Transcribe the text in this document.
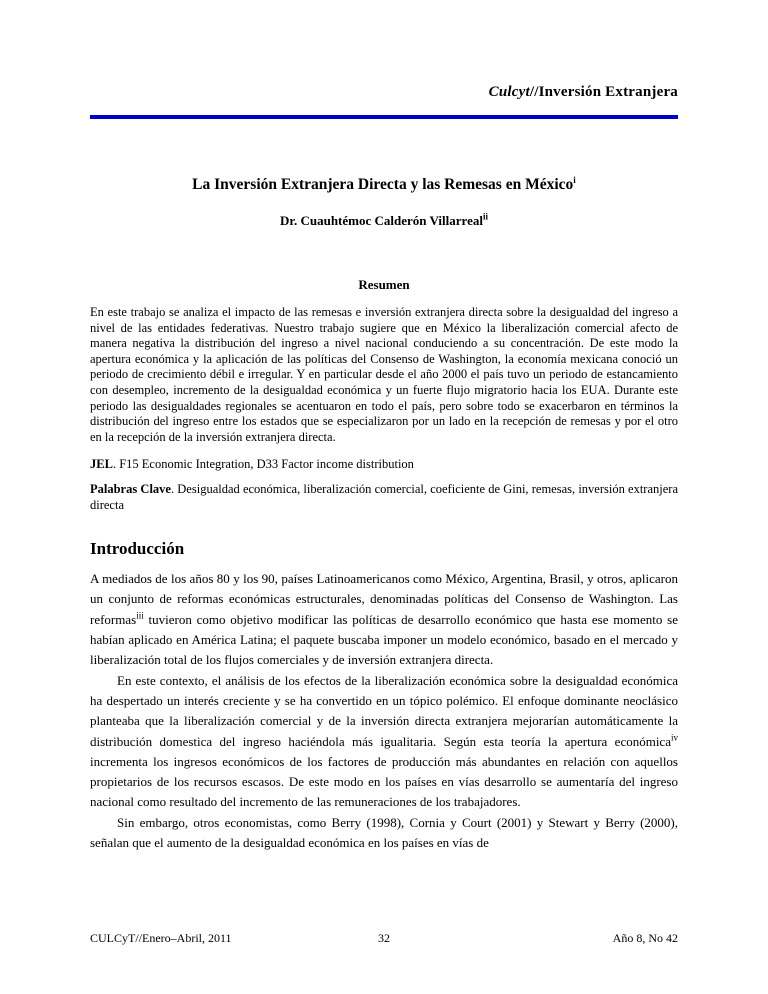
Culcyt//Inversión Extranjera
La Inversión Extranjera Directa y las Remesas en México$^i$
Dr. Cuauhtémoc Calderón Villarreal$^{ii}$
Resumen

En este trabajo se analiza el impacto de las remesas e inversión extranjera directa sobre la desigualdad del ingreso a nivel de las entidades federativas. Nuestro trabajo sugiere que en México la liberalización comercial afecto de manera negativa la distribución del ingreso a nivel nacional conduciendo a su concentración. De este modo la apertura económica y la aplicación de las políticas del Consenso de Washington, la economía mexicana conoció un periodo de crecimiento débil e irregular. Y en particular desde el año 2000 el país tuvo un periodo de estancamiento con desempleo, incremento de la desigualdad económica y un fuerte flujo migratorio hacia los EUA. Durante este periodo las desigualdades regionales se acentuaron en todo el país, pero sobre todo se exacerbaron en términos la distribución del ingreso entre los estados que se especializaron por un lado en la recepción de remesas y por el otro en la recepción de la inversión extranjera directa.

JEL. F15 Economic Integration, D33 Factor income distribution

Palabras Clave. Desigualdad económica, liberalización comercial, coeficiente de Gini, remesas, inversión extranjera directa

Introducción

A mediados de los años 80 y los 90, países Latinoamericanos como México, Argentina, Brasil, y otros, aplicaron un conjunto de reformas económicas estructurales, denominadas políticas del Consenso de Washington. Las reformas$^{iii}$ tuvieron como objetivo modificar las políticas de desarrollo económico que hasta ese momento se habían aplicado en América Latina; el paquete buscaba imponer un modelo económico, basado en el mercado y liberalización total de los flujos comerciales y de inversión extranjera directa.

En este contexto, el análisis de los efectos de la liberalización económica sobre la desigualdad económica ha despertado un interés creciente y se ha convertido en un tópico polémico. El enfoque dominante neoclásico planteaba que la liberalización comercial y de la inversión directa extranjera mejorarían automáticamente la distribución domestica del ingreso haciéndola más igualitaria. Según esta teoría la apertura económica$^{iv}$ incrementa los ingresos económicos de los factores de producción más abundantes en relación con aquellos propietarios de los recursos escasos. De este modo en los países en vías desarrollo se aumentaría del ingreso nacional como resultado del incremento de las remuneraciones de los trabajadores.

Sin embargo, otros economistas, como Berry (1998), Cornia y Court (2001) y Stewart y Berry (2000), señalan que el aumento de la desigualdad económica en los países en vías de

CULCyT//Enero–Abril, 2011	32	Año 8, No 42
